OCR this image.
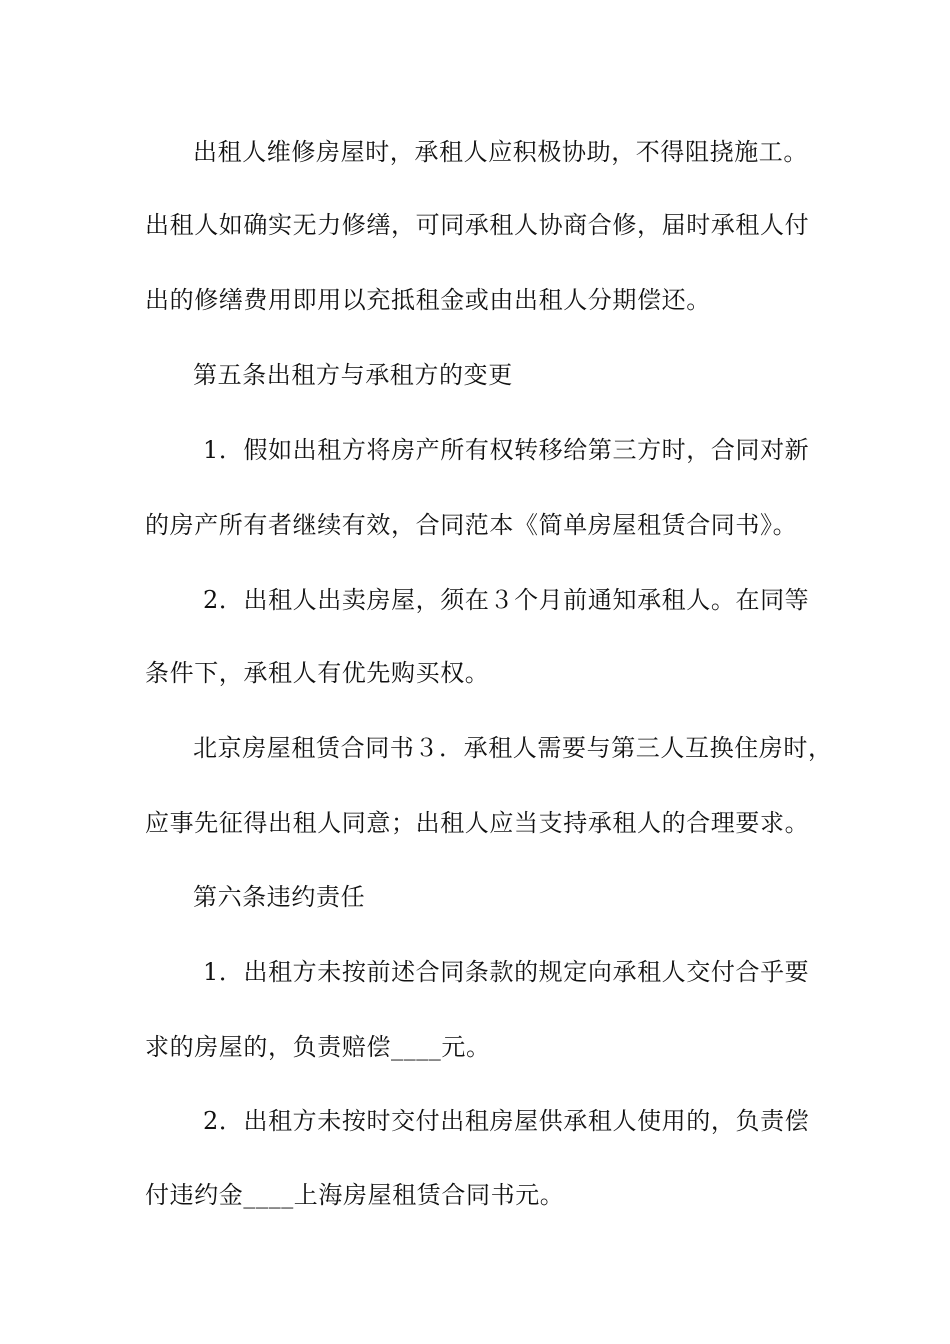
出租人维修房屋时，承租人应积极协助，不得阻挠施工。
出租人如确实无力修缮，可同承租人协商合修，届时承租人付
出的修缮费用即用以充抵租金或由出租人分期偿还。
第五条出租方与承租方的变更
1．假如出租方将房产所有权转移给第三方时，合同对新
的房产所有者继续有效，合同范本《简单房屋租赁合同书》。
2．出租人出卖房屋，须在３个月前通知承租人。在同等
条件下，承租人有优先购买权。
北京房屋租赁合同书３．承租人需要与第三人互换住房时，
应事先征得出租人同意；出租人应当支持承租人的合理要求。
第六条违约责任
1．出租方未按前述合同条款的规定向承租人交付合乎要
求的房屋的，负责赔偿____元。
2．出租方未按时交付出租房屋供承租人使用的，负责偿
付违约金____上海房屋租赁合同书元。
